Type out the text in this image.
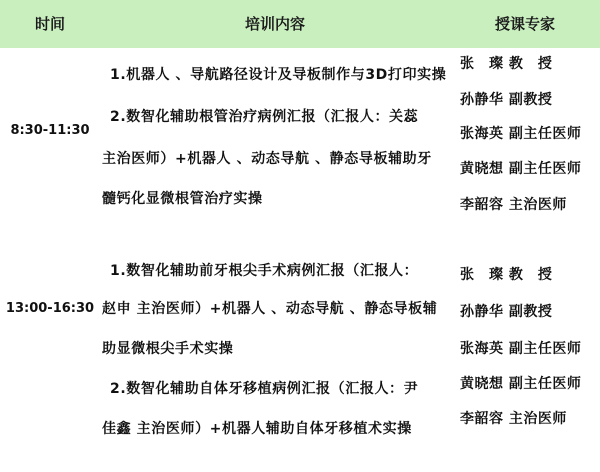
时间	培训内容	授课专家
8:30-11:30
1.机器人 、导航路径设计及导板制作与3D打印实操
2.数智化辅助根管治疗病例汇报（汇报人：关蕊
主治医师）+机器人 、动态导航 、静态导板辅助牙
髓钙化显微根管治疗实操
张　璨 教　授
孙静华 副教授
张海英 副主任医师
黄晓想 副主任医师
李韶容 主治医师
13:00-16:30
1.数智化辅助前牙根尖手术病例汇报（汇报人：
赵申 主治医师）+机器人 、动态导航 、静态导板辅
助显微根尖手术实操
2.数智化辅助自体牙移植病例汇报（汇报人：尹
佳鑫 主治医师）+机器人辅助自体牙移植术实操
张　璨 教　授
孙静华 副教授
张海英 副主任医师
黄晓想 副主任医师
李韶容 主治医师
